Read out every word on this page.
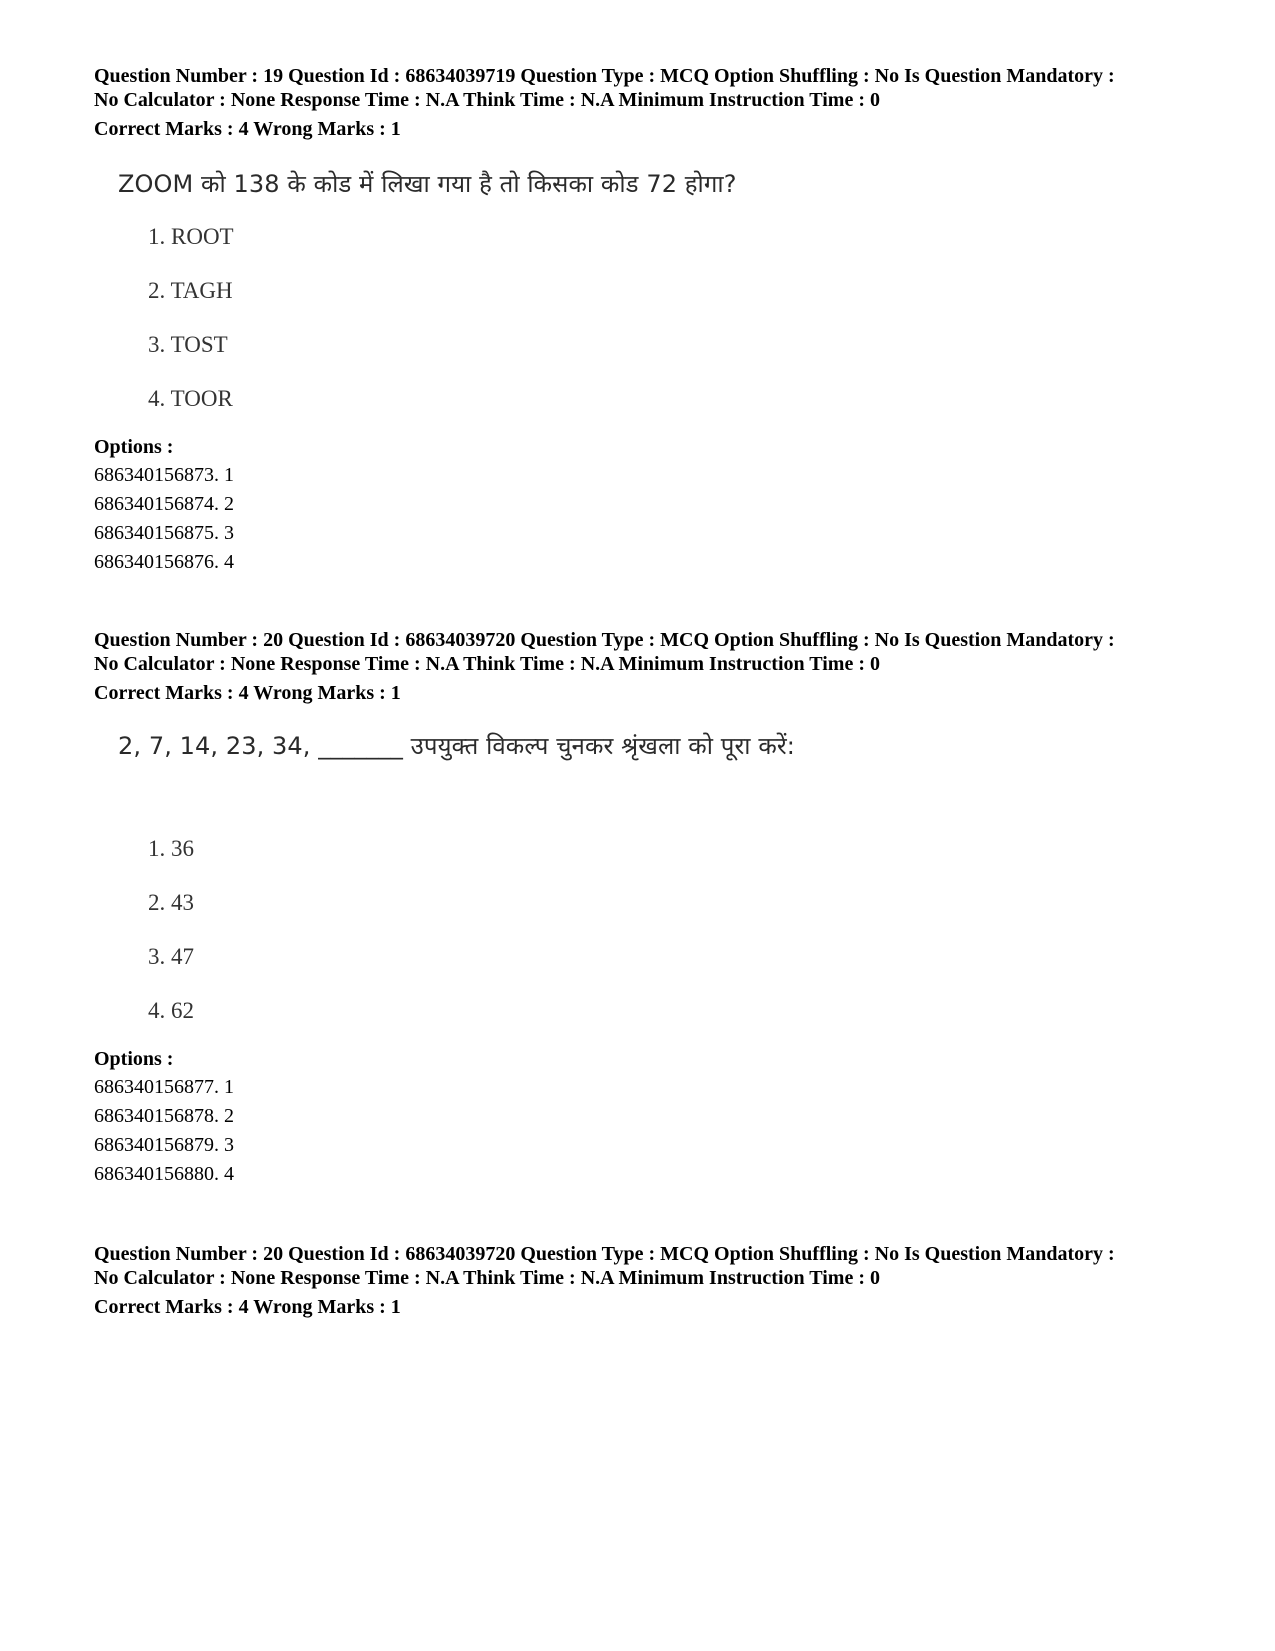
Question Number : 19 Question Id : 68634039719 Question Type : MCQ Option Shuffling : No Is Question Mandatory :
No Calculator : None Response Time : N.A Think Time : N.A Minimum Instruction Time : 0
Correct Marks : 4 Wrong Marks : 1
ZOOM को 138 के कोड में लिखा गया है तो किसका कोड 72 होगा?
1. ROOT
2. TAGH
3. TOST
4. TOOR
Options :
686340156873. 1
686340156874. 2
686340156875. 3
686340156876. 4
Question Number : 20 Question Id : 68634039720 Question Type : MCQ Option Shuffling : No Is Question Mandatory :
No Calculator : None Response Time : N.A Think Time : N.A Minimum Instruction Time : 0
Correct Marks : 4 Wrong Marks : 1
2, 7, 14, 23, 34, _______ उपयुक्त विकल्प चुनकर श्रृंखला को पूरा करें:
1. 36
2. 43
3. 47
4. 62
Options :
686340156877. 1
686340156878. 2
686340156879. 3
686340156880. 4
Question Number : 20 Question Id : 68634039720 Question Type : MCQ Option Shuffling : No Is Question Mandatory :
No Calculator : None Response Time : N.A Think Time : N.A Minimum Instruction Time : 0
Correct Marks : 4 Wrong Marks : 1
